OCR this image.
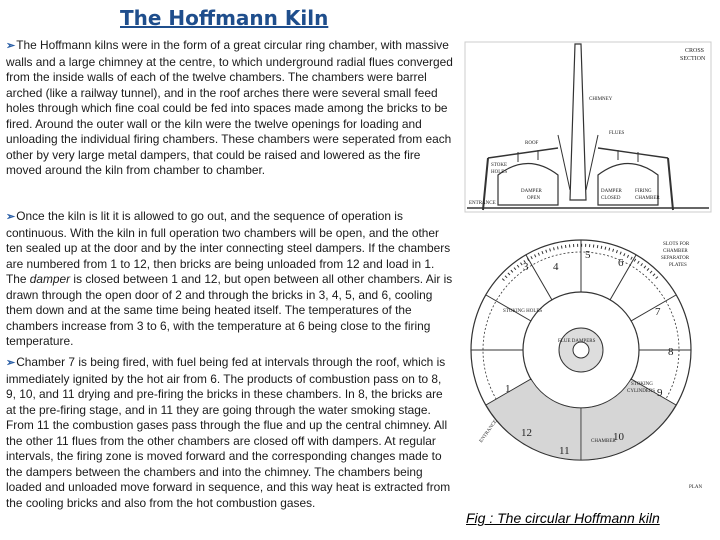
The Hoffmann Kiln

➢The Hoffmann kilns were in the form of a great circular ring chamber, with massive walls and a large chimney at the centre, to which underground radial flues converged from the inside walls of each of the twelve chambers. The chambers were barrel arched (like a railway tunnel), and in the roof arches there were several small feed holes through which fine coal could be fed into spaces made among the bricks to be fired. Around the outer wall or the kiln were the twelve openings for loading and unloading the individual firing chambers. These chambers were seperated from each other by very large metal dampers, that could be raised and lowered as the fire moved around the kiln from chamber to chamber.

➢Once the kiln is lit it is allowed to go out, and the sequence of operation is continuous. With the kiln in full operation two chambers will be open, and the other ten sealed up at the door and by the inter connecting steel dampers. If the chambers are numbered from 1 to 12, then bricks are being unloaded from 12 and load in 1. The damper is closed between 1 and 12, but open between all other chambers. Air is drawn through the open door of 2 and through the bricks in 3, 4, 5, and 6, cooling them down and at the same time being heated itself. The temperatures of the chambers increase from 3 to 6, with the temperature at 6 being close to the firing temperature.

➢Chamber 7 is being fired, with fuel being fed at intervals through the roof, which is immediately ignited by the hot air from 6. The products of combustion pass on to 8, 9, 10, and 11 drying and pre-firing the bricks in these chambers. In 8, the bricks are at the pre-firing stage, and in 11 they are going through the water smoking stage. From 11 the combustion gases pass through the flue and up the central chimney. All the other 11 flues from the other chambers are closed off with dampers. At regular intervals, the firing zone is moved forward and the corresponding changes made to the dampers between the chambers and into the chimney. The chambers being loaded and unloaded move forward in sequence, and this way heat is extracted from the cooling bricks and also from the hot combustion gases.

CROSS
SECTION
CHIMNEY
FLUES
ROOF
STOKE
HOLES
DAMPER
OPEN
DAMPER
CLOSED
FIRING
CHAMBER
ENTRANCE
SLOTS FOR
CHAMBER
SEPARATOR
PLATES
STOKING HOLES
FLUE DAMPERS
STOKING
CYLINDERS
CHAMBER
ENTRANCE
PLAN
3 4
5
6
7
8
9
10
11
12
1

Fig : The circular Hoffmann kiln
